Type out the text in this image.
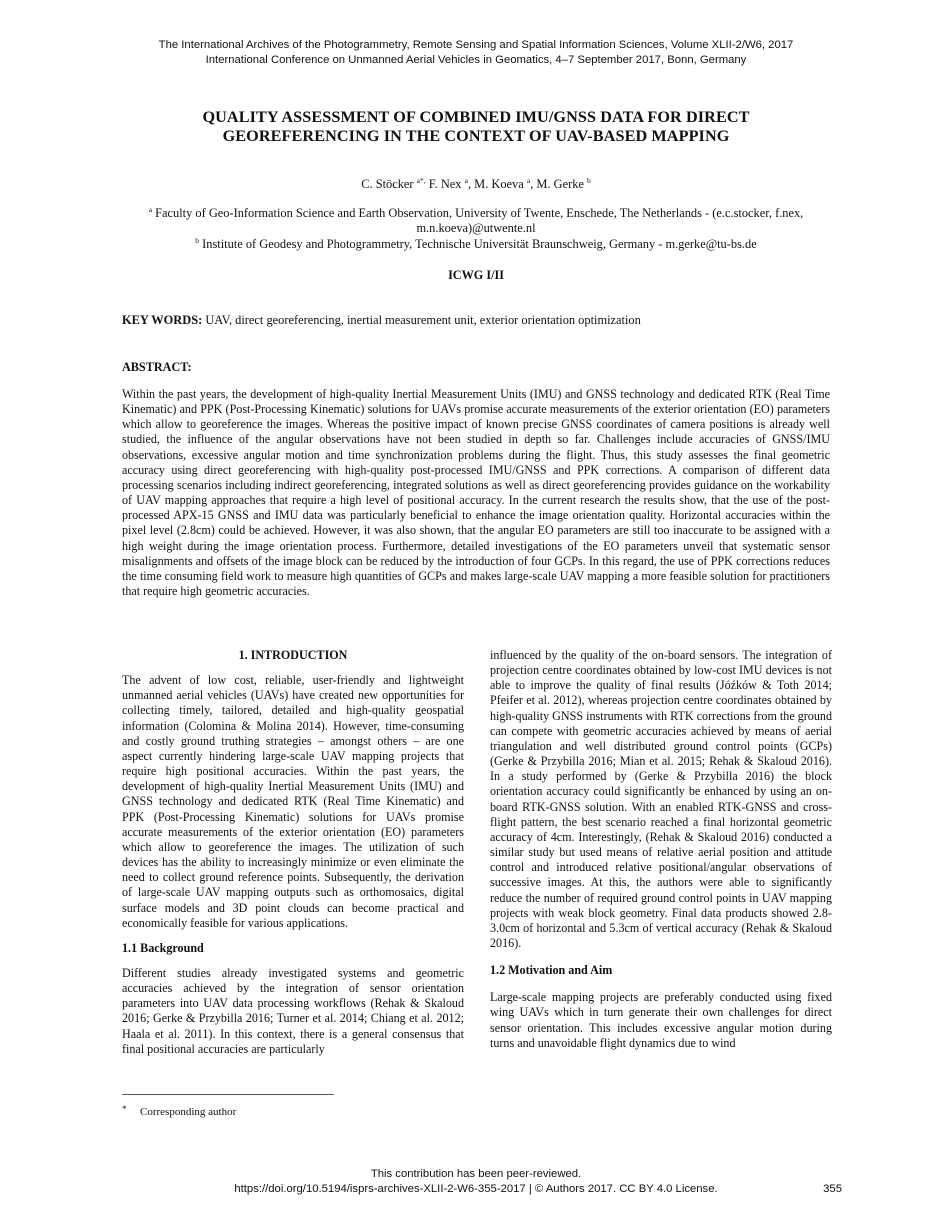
The International Archives of the Photogrammetry, Remote Sensing and Spatial Information Sciences, Volume XLII-2/W6, 2017
International Conference on Unmanned Aerial Vehicles in Geomatics, 4–7 September 2017, Bonn, Germany
QUALITY ASSESSMENT OF COMBINED IMU/GNSS DATA FOR DIRECT
GEOREFERENCING IN THE CONTEXT OF UAV-BASED MAPPING
C. Stöcker $^{a*,}$ F. Nex $^a$, M. Koeva $^a$, M. Gerke $^b$
$^a$ Faculty of Geo-Information Science and Earth Observation, University of Twente, Enschede, The Netherlands - (e.c.stocker, f.nex, m.n.koeva)@utwente.nl
$^b$ Institute of Geodesy and Photogrammetry, Technische Universität Braunschweig, Germany - m.gerke@tu-bs.de
ICWG I/II
KEY WORDS: UAV, direct georeferencing, inertial measurement unit, exterior orientation optimization
ABSTRACT:

Within the past years, the development of high-quality Inertial Measurement Units (IMU) and GNSS technology and dedicated RTK (Real Time Kinematic) and PPK (Post-Processing Kinematic) solutions for UAVs promise accurate measurements of the exterior orientation (EO) parameters which allow to georeference the images. Whereas the positive impact of known precise GNSS coordinates of camera positions is already well studied, the influence of the angular observations have not been studied in depth so far. Challenges include accuracies of GNSS/IMU observations, excessive angular motion and time synchronization problems during the flight. Thus, this study assesses the final geometric accuracy using direct georeferencing with high-quality post-processed IMU/GNSS and PPK corrections. A comparison of different data processing scenarios including indirect georeferencing, integrated solutions as well as direct georeferencing provides guidance on the workability of UAV mapping approaches that require a high level of positional accuracy. In the current research the results show, that the use of the post-processed APX-15 GNSS and IMU data was particularly beneficial to enhance the image orientation quality. Horizontal accuracies within the pixel level (2.8cm) could be achieved. However, it was also shown, that the angular EO parameters are still too inaccurate to be assigned with a high weight during the image orientation process. Furthermore, detailed investigations of the EO parameters unveil that systematic sensor misalignments and offsets of the image block can be reduced by the introduction of four GCPs. In this regard, the use of PPK corrections reduces the time consuming field work to measure high quantities of GCPs and makes large-scale UAV mapping a more feasible solution for practitioners that require high geometric accuracies.

1. INTRODUCTION

The advent of low cost, reliable, user-friendly and lightweight unmanned aerial vehicles (UAVs) have created new opportunities for collecting timely, tailored, detailed and high-quality geospatial information (Colomina & Molina 2014). However, time-consuming and costly ground truthing strategies – amongst others – are one aspect currently hindering large-scale UAV mapping projects that require high positional accuracies. Within the past years, the development of high-quality Inertial Measurement Units (IMU) and GNSS technology and dedicated RTK (Real Time Kinematic) and PPK (Post-Processing Kinematic) solutions for UAVs promise accurate measurements of the exterior orientation (EO) parameters which allow to georeference the images. The utilization of such devices has the ability to increasingly minimize or even eliminate the need to collect ground reference points. Subsequently, the derivation of large-scale UAV mapping outputs such as orthomosaics, digital surface models and 3D point clouds can become practical and economically feasible for various applications.

1.1 Background

Different studies already investigated systems and geometric accuracies achieved by the integration of sensor orientation parameters into UAV data processing workflows (Rehak & Skaloud 2016; Gerke & Przybilla 2016; Turner et al. 2014; Chiang et al. 2012; Haala et al. 2011). In this context, there is a general consensus that final positional accuracies are particularly

influenced by the quality of the on-board sensors. The integration of projection centre coordinates obtained by low-cost IMU devices is not able to improve the quality of final results (Jóźków & Toth 2014; Pfeifer et al. 2012), whereas projection centre coordinates obtained by high-quality GNSS instruments with RTK corrections from the ground can compete with geometric accuracies achieved by means of aerial triangulation and well distributed ground control points (GCPs) (Gerke & Przybilla 2016; Mian et al. 2015; Rehak & Skaloud 2016). In a study performed by (Gerke & Przybilla 2016) the block orientation accuracy could significantly be enhanced by using an on-board RTK-GNSS solution. With an enabled RTK-GNSS and cross-flight pattern, the best scenario reached a final horizontal geometric accuracy of 4cm. Interestingly, (Rehak & Skaloud 2016) conducted a similar study but used means of relative aerial position and attitude control and introduced relative positional/angular observations of successive images. At this, the authors were able to significantly reduce the number of required ground control points in UAV mapping projects with weak block geometry. Final data products showed 2.8-3.0cm of horizontal and 5.3cm of vertical accuracy (Rehak & Skaloud 2016).

1.2 Motivation and Aim

Large-scale mapping projects are preferably conducted using fixed wing UAVs which in turn generate their own challenges for direct sensor orientation. This includes excessive angular motion during turns and unavoidable flight dynamics due to wind

* Corresponding author
This contribution has been peer-reviewed.
https://doi.org/10.5194/isprs-archives-XLII-2-W6-355-2017 | © Authors 2017. CC BY 4.0 License.	355
